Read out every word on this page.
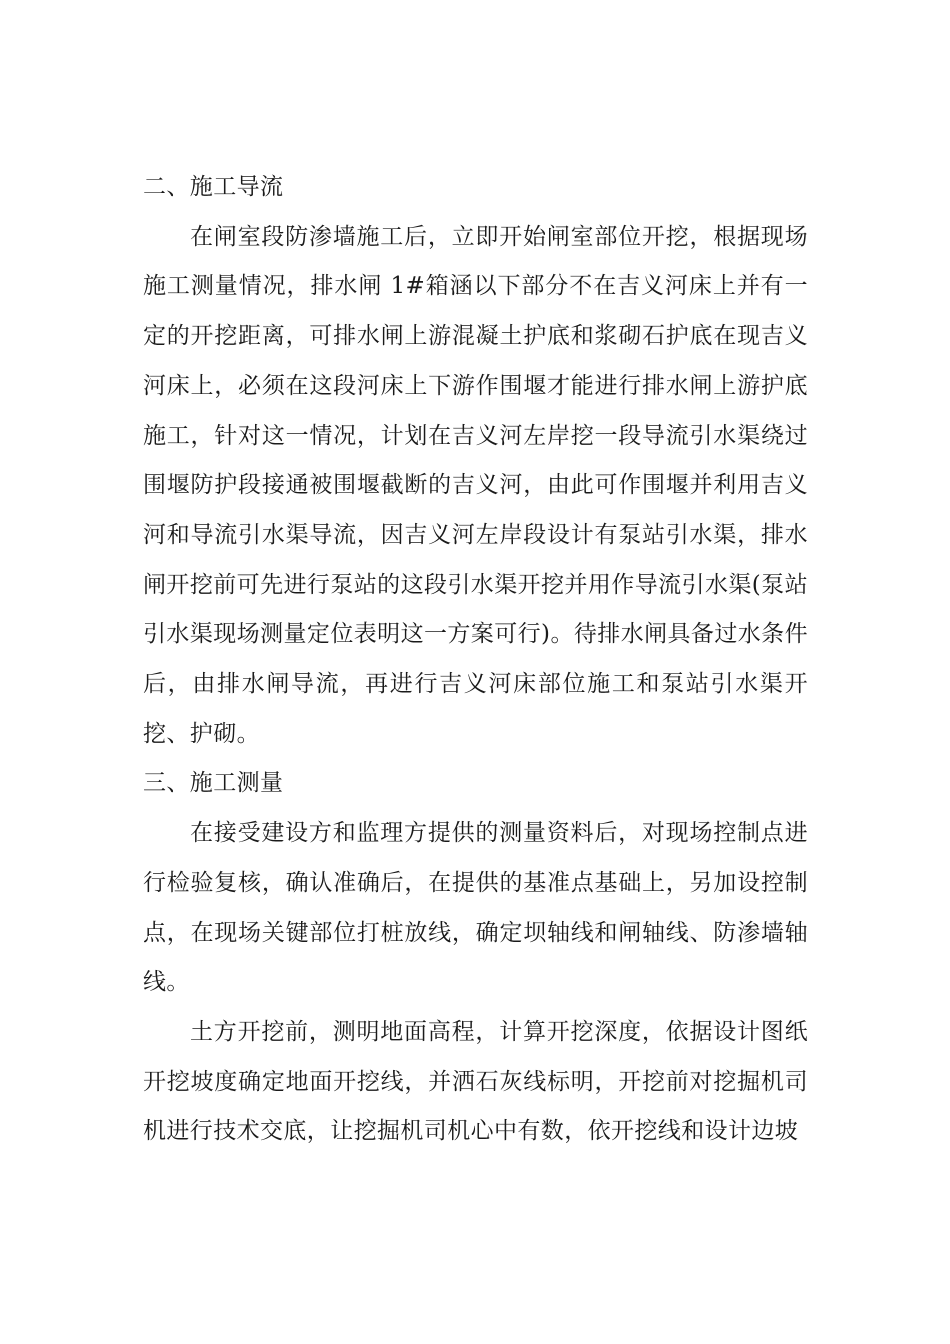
二、施工导流

在闸室段防渗墙施工后，立即开始闸室部位开挖，根据现场施工测量情况，排水闸 1#箱涵以下部分不在吉义河床上并有一定的开挖距离，可排水闸上游混凝土护底和浆砌石护底在现吉义河床上，必须在这段河床上下游作围堰才能进行排水闸上游护底施工，针对这一情况，计划在吉义河左岸挖一段导流引水渠绕过围堰防护段接通被围堰截断的吉义河，由此可作围堰并利用吉义河和导流引水渠导流，因吉义河左岸段设计有泵站引水渠，排水闸开挖前可先进行泵站的这段引水渠开挖并用作导流引水渠(泵站引水渠现场测量定位表明这一方案可行)。待排水闸具备过水条件后，由排水闸导流，再进行吉义河床部位施工和泵站引水渠开挖、护砌。

三、施工测量

在接受建设方和监理方提供的测量资料后，对现场控制点进行检验复核，确认准确后，在提供的基准点基础上，另加设控制点，在现场关键部位打桩放线，确定坝轴线和闸轴线、防渗墙轴线。

土方开挖前，测明地面高程，计算开挖深度，依据设计图纸开挖坡度确定地面开挖线，并洒石灰线标明，开挖前对挖掘机司机进行技术交底，让挖掘机司机心中有数，依开挖线和设计边坡
